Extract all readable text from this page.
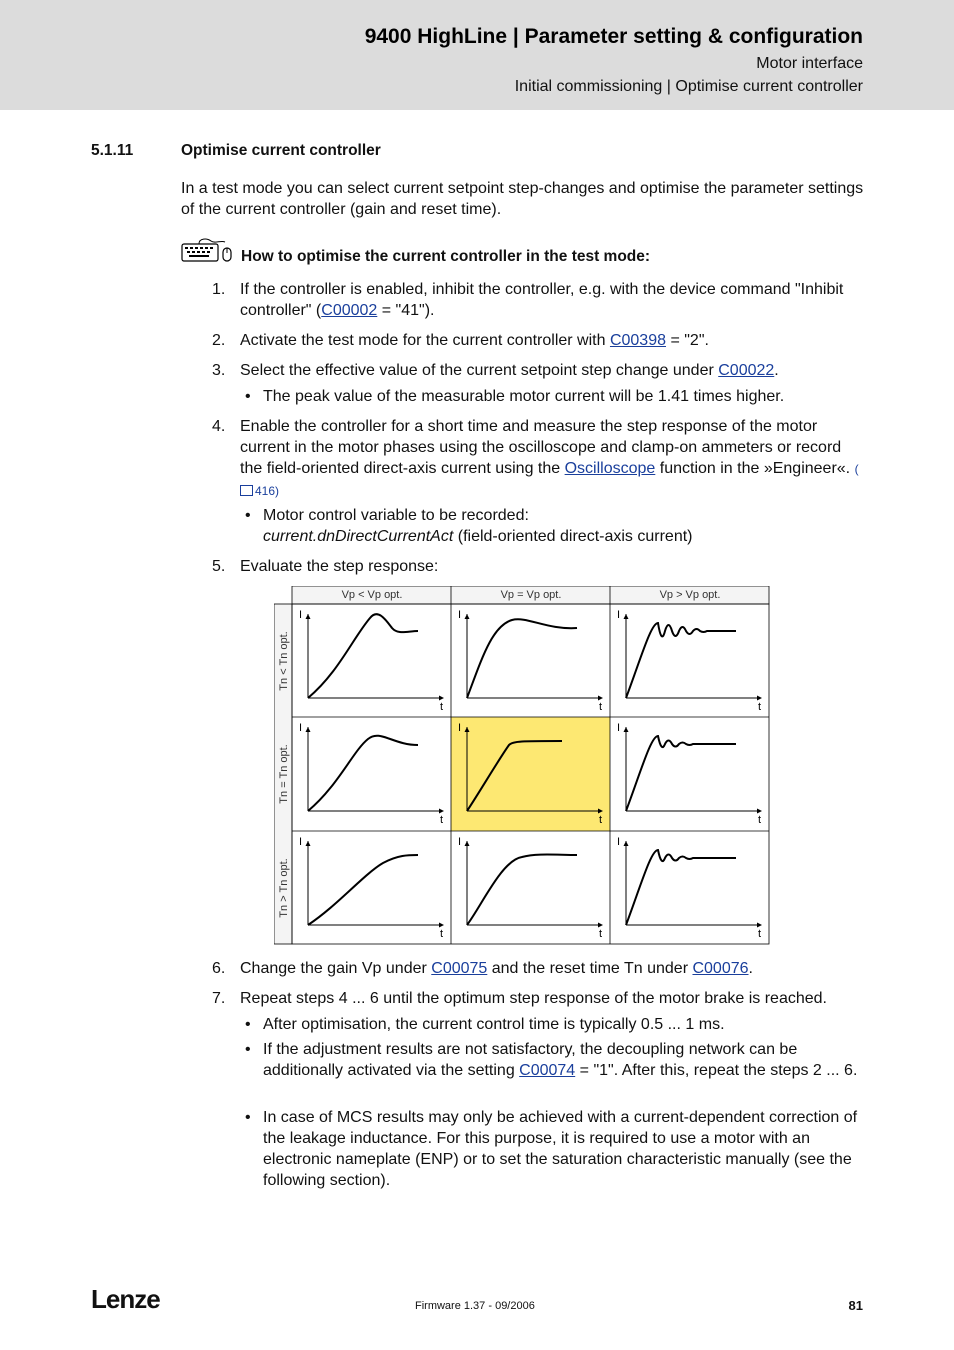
9400 HighLine | Parameter setting & configuration
Motor interface
Initial commissioning | Optimise current controller
5.1.11	Optimise current controller
In a test mode you can select current setpoint step-changes and optimise the parameter settings of the current controller (gain and reset time).
How to optimise the current controller in the test mode:
1. If the controller is enabled, inhibit the controller, e.g. with the device command "Inhibit controller" (C00002 = "41").
2. Activate the test mode for the current controller with C00398 = "2".
3. Select the effective value of the current setpoint step change under C00022.
• The peak value of the measurable motor current will be 1.41 times higher.
4. Enable the controller for a short time and measure the step response of the motor current in the motor phases using the oscilloscope and clamp-on ammeters or record the field-oriented direct-axis current using the Oscilloscope function in the »Engineer«. (416)
• Motor control variable to be recorded:
current.dnDirectCurrentAct (field-oriented direct-axis current)
5. Evaluate the step response:
Vp < Vp opt.	Vp = Vp opt.	Vp > Vp opt.
Tn < Tn opt.
Tn = Tn opt.
Tn > Tn opt.
I
t
I
t
I
t
I
t
I
t
I
t
I
t
I
t
I
t
6. Change the gain Vp under C00075 and the reset time Tn under C00076.
7. Repeat steps 4 ... 6 until the optimum step response of the motor brake is reached.
• After optimisation, the current control time is typically 0.5 ... 1 ms.
• If the adjustment results are not satisfactory, the decoupling network can be additionally activated via the setting C00074 = "1". After this, repeat the steps 2 ... 6.
• In case of MCS results may only be achieved with a current-dependent correction of the leakage inductance. For this purpose, it is required to use a motor with an electronic nameplate (ENP) or to set the saturation characteristic manually (see the following section).
Lenze	Firmware 1.37 - 09/2006	81
